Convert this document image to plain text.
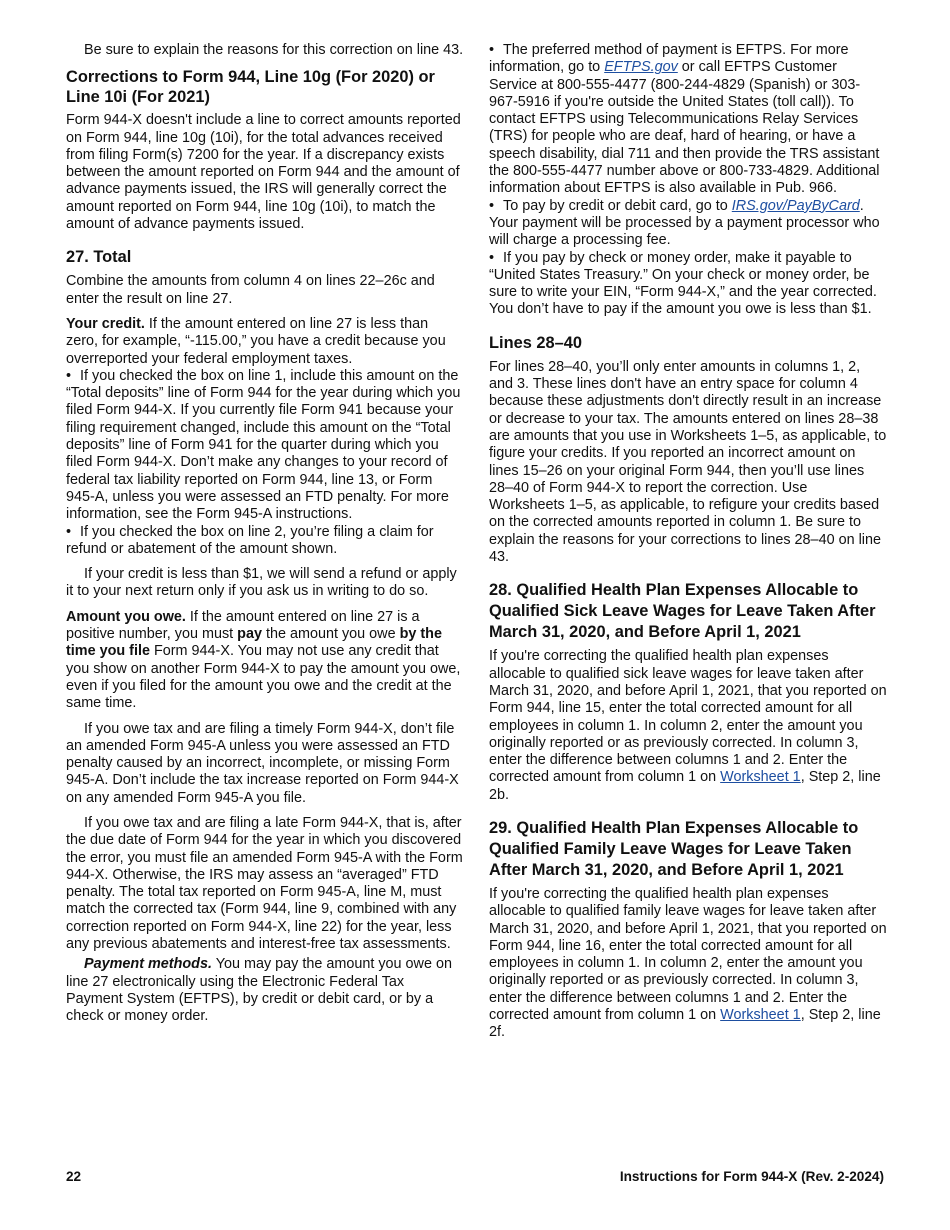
Be sure to explain the reasons for this correction on line 43.

Corrections to Form 944, Line 10g (For 2020) or Line 10i (For 2021)

Form 944-X doesn't include a line to correct amounts reported on Form 944, line 10g (10i), for the total advances received from filing Form(s) 7200 for the year. If a discrepancy exists between the amount reported on Form 944 and the amount of advance payments issued, the IRS will generally correct the amount reported on Form 944, line 10g (10i), to match the amount of advance payments issued.

27. Total

Combine the amounts from column 4 on lines 22–26c and enter the result on line 27.

Your credit. If the amount entered on line 27 is less than zero, for example, “-115.00,” you have a credit because you overreported your federal employment taxes.

• If you checked the box on line 1, include this amount on the “Total deposits” line of Form 944 for the year during which you filed Form 944-X. If you currently file Form 941 because your filing requirement changed, include this amount on the “Total deposits” line of Form 941 for the quarter during which you filed Form 944-X. Don’t make any changes to your record of federal tax liability reported on Form 944, line 13, or Form 945-A, unless you were assessed an FTD penalty. For more information, see the Form 945-A instructions.
• If you checked the box on line 2, you’re filing a claim for refund or abatement of the amount shown.

If your credit is less than $1, we will send a refund or apply it to your next return only if you ask us in writing to do so.

Amount you owe. If the amount entered on line 27 is a positive number, you must pay the amount you owe by the time you file Form 944-X. You may not use any credit that you show on another Form 944-X to pay the amount you owe, even if you filed for the amount you owe and the credit at the same time.

If you owe tax and are filing a timely Form 944-X, don’t file an amended Form 945-A unless you were assessed an FTD penalty caused by an incorrect, incomplete, or missing Form 945-A. Don’t include the tax increase reported on Form 944-X on any amended Form 945-A you file.

If you owe tax and are filing a late Form 944-X, that is, after the due date of Form 944 for the year in which you discovered the error, you must file an amended Form 945-A with the Form 944-X. Otherwise, the IRS may assess an “averaged” FTD penalty. The total tax reported on Form 945-A, line M, must match the corrected tax (Form 944, line 9, combined with any correction reported on Form 944-X, line 22) for the year, less any previous abatements and interest-free tax assessments.

Payment methods. You may pay the amount you owe on line 27 electronically using the Electronic Federal Tax Payment System (EFTPS), by credit or debit card, or by a check or money order.

• The preferred method of payment is EFTPS. For more information, go to EFTPS.gov or call EFTPS Customer Service at 800-555-4477 (800-244-4829 (Spanish) or 303-967-5916 if you're outside the United States (toll call)). To contact EFTPS using Telecommunications Relay Services (TRS) for people who are deaf, hard of hearing, or have a speech disability, dial 711 and then provide the TRS assistant the 800-555-4477 number above or 800-733-4829. Additional information about EFTPS is also available in Pub. 966.
• To pay by credit or debit card, go to IRS.gov/PayByCard. Your payment will be processed by a payment processor who will charge a processing fee.
• If you pay by check or money order, make it payable to “United States Treasury.” On your check or money order, be sure to write your EIN, “Form 944-X,” and the year corrected.

You don’t have to pay if the amount you owe is less than $1.

Lines 28–40

For lines 28–40, you’ll only enter amounts in columns 1, 2, and 3. These lines don't have an entry space for column 4 because these adjustments don't directly result in an increase or decrease to your tax. The amounts entered on lines 28–38 are amounts that you use in Worksheets 1–5, as applicable, to figure your credits. If you reported an incorrect amount on lines 15–26 on your original Form 944, then you’ll use lines 28–40 of Form 944-X to report the correction. Use Worksheets 1–5, as applicable, to refigure your credits based on the corrected amounts reported in column 1. Be sure to explain the reasons for your corrections to lines 28–40 on line 43.

28. Qualified Health Plan Expenses Allocable to Qualified Sick Leave Wages for Leave Taken After March 31, 2020, and Before April 1, 2021

If you're correcting the qualified health plan expenses allocable to qualified sick leave wages for leave taken after March 31, 2020, and before April 1, 2021, that you reported on Form 944, line 15, enter the total corrected amount for all employees in column 1. In column 2, enter the amount you originally reported or as previously corrected. In column 3, enter the difference between columns 1 and 2. Enter the corrected amount from column 1 on Worksheet 1, Step 2, line 2b.

29. Qualified Health Plan Expenses Allocable to Qualified Family Leave Wages for Leave Taken After March 31, 2020, and Before April 1, 2021

If you're correcting the qualified health plan expenses allocable to qualified family leave wages for leave taken after March 31, 2020, and before April 1, 2021, that you reported on Form 944, line 16, enter the total corrected amount for all employees in column 1. In column 2, enter the amount you originally reported or as previously corrected. In column 3, enter the difference between columns 1 and 2. Enter the corrected amount from column 1 on Worksheet 1, Step 2, line 2f.

22	Instructions for Form 944-X (Rev. 2-2024)
